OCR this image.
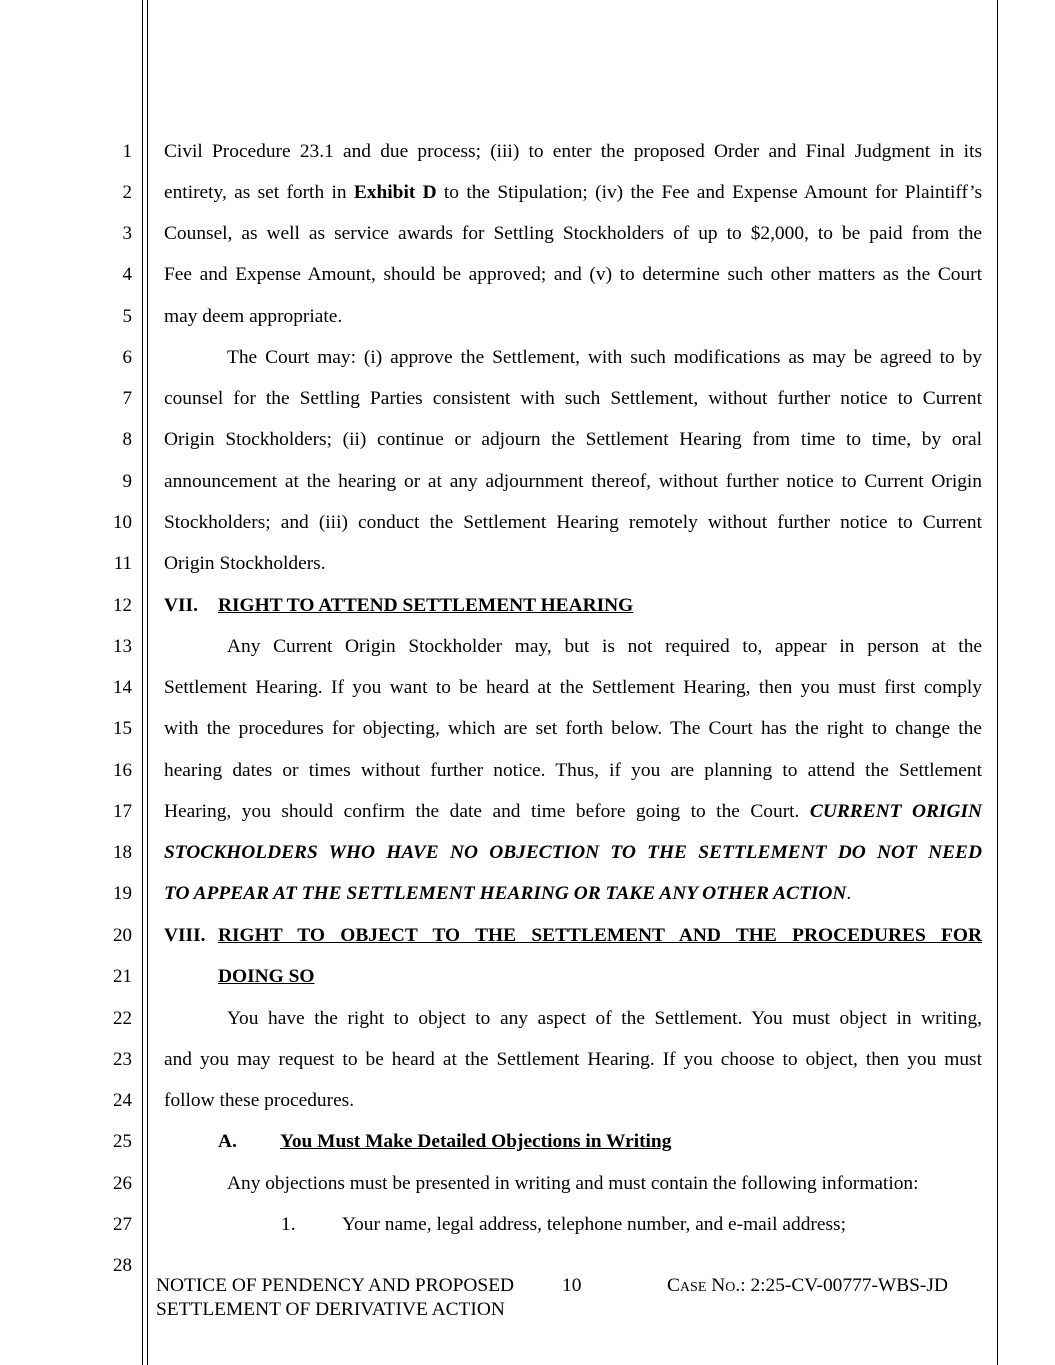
1
2
3
4
5
6
7
8
9
10
11
12
13
14
15
16
17
18
19
20
21
22
23
24
25
26
27
28
Civil Procedure 23.1 and due process; (iii) to enter the proposed Order and Final Judgment in its
entirety, as set forth in Exhibit D to the Stipulation; (iv) the Fee and Expense Amount for Plaintiff’s
Counsel, as well as service awards for Settling Stockholders of up to $2,000, to be paid from the
Fee and Expense Amount, should be approved; and (v) to determine such other matters as the Court
may deem appropriate.
The Court may: (i) approve the Settlement, with such modifications as may be agreed to by
counsel for the Settling Parties consistent with such Settlement, without further notice to Current
Origin Stockholders; (ii) continue or adjourn the Settlement Hearing from time to time, by oral
announcement at the hearing or at any adjournment thereof, without further notice to Current Origin
Stockholders; and (iii) conduct the Settlement Hearing remotely without further notice to Current
Origin Stockholders.
VII. RIGHT TO ATTEND SETTLEMENT HEARING
Any Current Origin Stockholder may, but is not required to, appear in person at the
Settlement Hearing. If you want to be heard at the Settlement Hearing, then you must first comply
with the procedures for objecting, which are set forth below. The Court has the right to change the
hearing dates or times without further notice. Thus, if you are planning to attend the Settlement
Hearing, you should confirm the date and time before going to the Court. CURRENT ORIGIN
STOCKHOLDERS WHO HAVE NO OBJECTION TO THE SETTLEMENT DO NOT NEED
TO APPEAR AT THE SETTLEMENT HEARING OR TAKE ANY OTHER ACTION.
VIII. RIGHT TO OBJECT TO THE SETTLEMENT AND THE PROCEDURES FOR
DOING SO
You have the right to object to any aspect of the Settlement. You must object in writing,
and you may request to be heard at the Settlement Hearing. If you choose to object, then you must
follow these procedures.
A. You Must Make Detailed Objections in Writing
Any objections must be presented in writing and must contain the following information:
1. Your name, legal address, telephone number, and e-mail address;
NOTICE OF PENDENCY AND PROPOSED
SETTLEMENT OF DERIVATIVE ACTION
10	Case No.: 2:25-CV-00777-WBS-JD
